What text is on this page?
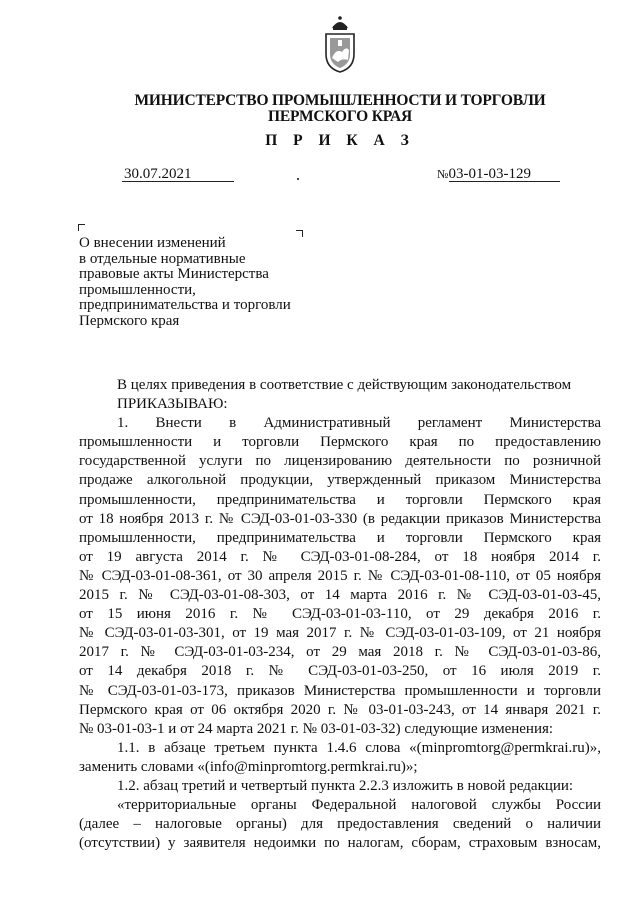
МИНИСТЕРСТВО ПРОМЫШЛЕННОСТИ И ТОРГОВЛИ
ПЕРМСКОГО КРАЯ
П Р И К А З
30.07.2021	№03-01-03-129
О внесении изменений
в отдельные нормативные
правовые акты Министерства
промышленности,
предпринимательства и торговли
Пермского края
В целях приведения в соответствие с действующим законодательством
ПРИКАЗЫВАЮ:
1. Внести в Административный регламент Министерства
промышленности и торговли Пермского края по предоставлению
государственной услуги по лицензированию деятельности по розничной
продаже алкогольной продукции, утвержденный приказом Министерства
промышленности, предпринимательства и торговли Пермского края
от 18 ноября 2013 г. № СЭД-03-01-03-330 (в редакции приказов Министерства
промышленности, предпринимательства и торговли Пермского края
от 19 августа 2014 г. № СЭД-03-01-08-284, от 18 ноября 2014 г.
№ СЭД-03-01-08-361, от 30 апреля 2015 г. № СЭД-03-01-08-110, от 05 ноября
2015 г. № СЭД-03-01-08-303, от 14 марта 2016 г. № СЭД-03-01-03-45,
от 15 июня 2016 г. № СЭД-03-01-03-110, от 29 декабря 2016 г.
№ СЭД-03-01-03-301, от 19 мая 2017 г. № СЭД-03-01-03-109, от 21 ноября
2017 г. № СЭД-03-01-03-234, от 29 мая 2018 г. № СЭД-03-01-03-86,
от 14 декабря 2018 г. № СЭД-03-01-03-250, от 16 июля 2019 г.
№ СЭД-03-01-03-173, приказов Министерства промышленности и торговли
Пермского края от 06 октября 2020 г. № 03-01-03-243, от 14 января 2021 г.
№ 03-01-03-1 и от 24 марта 2021 г. № 03-01-03-32) следующие изменения:
1.1. в абзаце третьем пункта 1.4.6 слова «(minpromtorg@permkrai.ru)»,
заменить словами «(info@minpromtorg.permkrai.ru)»;
1.2. абзац третий и четвертый пункта 2.2.3 изложить в новой редакции:
«территориальные органы Федеральной налоговой службы России
(далее – налоговые органы) для предоставления сведений о наличии
(отсутствии) у заявителя недоимки по налогам, сборам, страховым взносам,
